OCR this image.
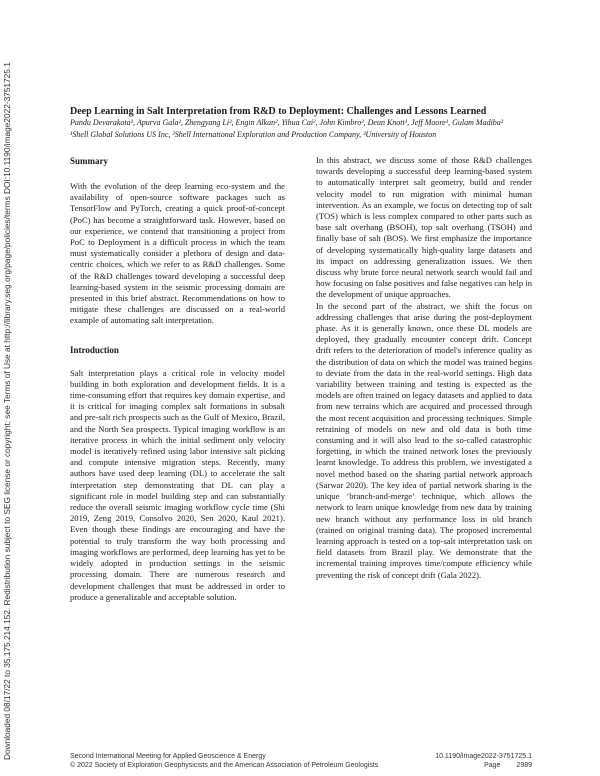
Downloaded 08/17/22 to 35.175.214.152. Redistribution subject to SEG license or copyright; see Terms of Use at http://library.seg.org/page/policies/terms DOI:10.1190/image2022-3751725.1	Deep Learning in Salt Interpretation from R&D to Deployment: Challenges and Lessons Learned

Pandu Devarakota¹, Apurva Gala², Zhengyang Li², Engin Alkan², Yihua Cai², John Kimbro², Dean Knott¹, Jeff Moore¹, Gulam Madiba²

¹Shell Global Solutions US Inc, ²Shell International Exploration and Production Company, ³University of Houston

Summary

With the evolution of the deep learning eco-system and the availability of open-source software packages such as TensorFlow and PyTorch, creating a quick proof-of-concept (PoC) has become a straightforward task. However, based on our experience, we contend that transitioning a project from PoC to Deployment is a difficult process in which the team must systematically consider a plethora of design and data-centric choices, which we refer to as R&D challenges. Some of the R&D challenges toward developing a successful deep learning-based system in the seismic processing domain are presented in this brief abstract. Recommendations on how to mitigate these challenges are discussed on a real-world example of automating salt interpretation.

Introduction

Salt interpretation plays a critical role in velocity model building in both exploration and development fields. It is a time-consuming effort that requires key domain expertise, and it is critical for imaging complex salt formations in subsalt and pre-salt rich prospects such as the Gulf of Mexico, Brazil, and the North Sea prospects. Typical imaging workflow is an iterative process in which the initial sediment only velocity model is iteratively refined using labor intensive salt picking and compute intensive migration steps. Recently, many authors have used deep learning (DL) to accelerate the salt interpretation step demonstrating that DL can play a significant role in model building step and can substantially reduce the overall seismic imaging workflow cycle time (Shi 2019, Zeng 2019, Consolvo 2020, Sen 2020, Kaul 2021). Even though these findings are encouraging and have the potential to truly transform the way both processing and imaging workflows are performed, deep learning has yet to be widely adopted in production settings in the seismic processing domain. There are numerous research and development challenges that must be addressed in order to produce a generalizable and acceptable solution.

In this abstract, we discuss some of those R&D challenges towards developing a successful deep learning-based system to automatically interpret salt geometry, build and render velocity model to run migration with minimal human intervention. As an example, we focus on detecting top of salt (TOS) which is less complex compared to other parts such as base salt overhang (BSOH), top salt overhang (TSOH) and finally base of salt (BOS). We first emphasize the importance of developing systematically high-quality large datasets and its impact on addressing generalization issues. We then discuss why brute force neural network search would fail and how focusing on false positives and false negatives can help in the development of unique approaches.

In the second part of the abstract, we shift the focus on addressing challenges that arise during the post-deployment phase. As it is generally known, once these DL models are deployed, they gradually encounter concept drift. Concept drift refers to the deterioration of model's inference quality as the distribution of data on which the model was trained begins to deviate from the data in the real-world settings. High data variability between training and testing is expected as the models are often trained on legacy datasets and applied to data from new terrains which are acquired and processed through the most recent acquisition and processing techniques. Simple retraining of models on new and old data is both time consuming and it will also lead to the so-called catastrophic forgetting, in which the trained network loses the previously learnt knowledge. To address this problem, we investigated a novel method based on the sharing partial network approach (Sarwar 2020). The key idea of partial network sharing is the unique ‘branch-and-merge’ technique, which allows the network to learn unique knowledge from new data by training new branch without any performance loss in old branch (trained on original training data). The proposed incremental learning approach is tested on a top-salt interpretation task on field datasets from Brazil play. We demonstrate that the incremental training improves time/compute efficiency while preventing the risk of concept drift (Gala 2022).

Second International Meeting for Applied Geoscience & Energy	10.1190/image2022-3751725.1
© 2022 Society of Exploration Geophysicists and the American Association of Petroleum Geologists	Page 2989
